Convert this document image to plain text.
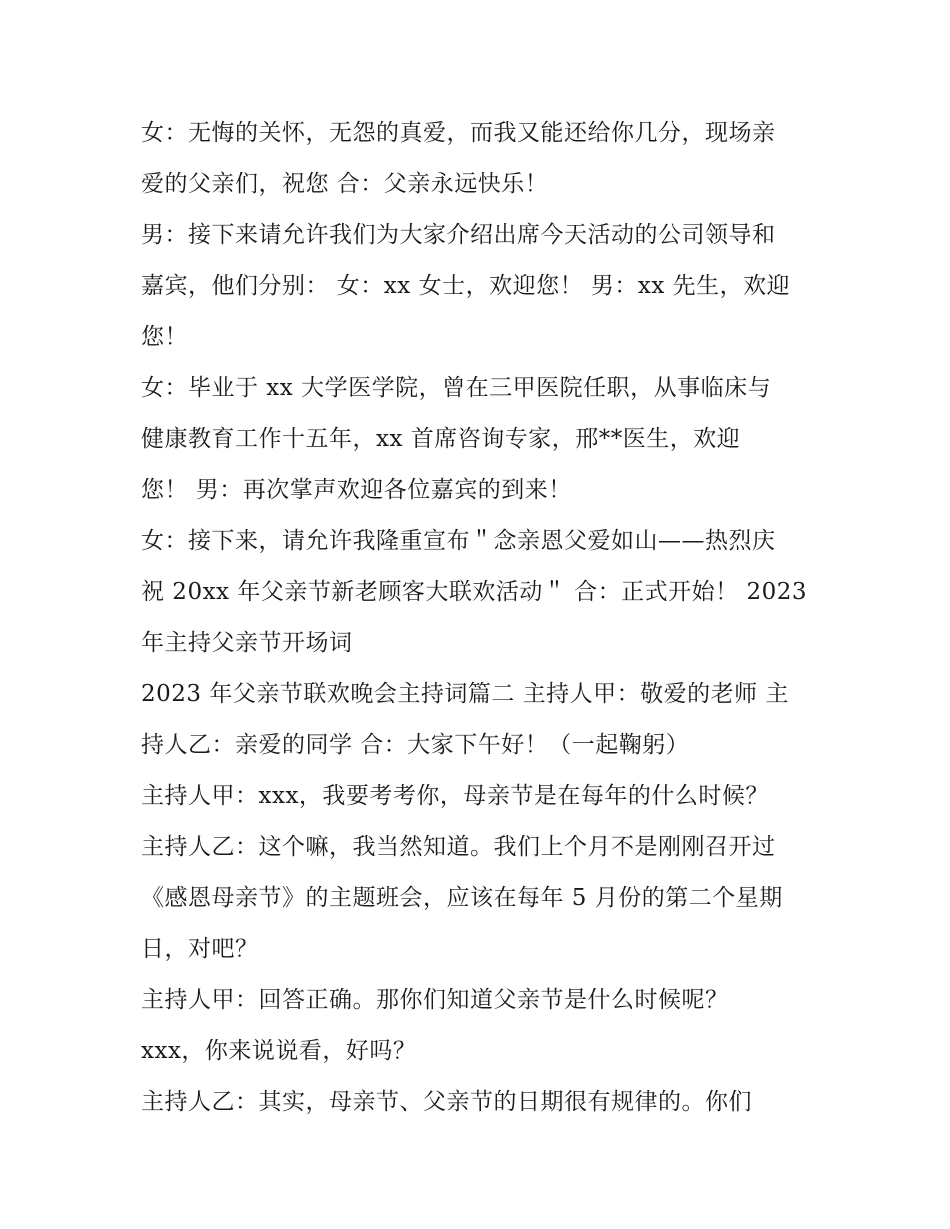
女：无悔的关怀，无怨的真爱，而我又能还给你几分，现场亲
爱的父亲们，祝您 合：父亲永远快乐！
男：接下来请允许我们为大家介绍出席今天活动的公司领导和
嘉宾，他们分别： 女：xx 女士，欢迎您！ 男：xx 先生，欢迎
您！
女：毕业于 xx 大学医学院，曾在三甲医院任职，从事临床与
健康教育工作十五年，xx 首席咨询专家，邢**医生，欢迎
您！ 男：再次掌声欢迎各位嘉宾的到来！
女：接下来，请允许我隆重宣布＂念亲恩父爱如山——热烈庆
祝 20xx 年父亲节新老顾客大联欢活动＂ 合：正式开始！ 2023
年主持父亲节开场词
2023 年父亲节联欢晚会主持词篇二 主持人甲：敬爱的老师 主
持人乙：亲爱的同学 合：大家下午好！（一起鞠躬）
主持人甲：xxx，我要考考你，母亲节是在每年的什么时候？
主持人乙：这个嘛，我当然知道。我们上个月不是刚刚召开过
《感恩母亲节》的主题班会，应该在每年 5 月份的第二个星期
日，对吧？
主持人甲：回答正确。那你们知道父亲节是什么时候呢？
xxx，你来说说看，好吗？
主持人乙：其实，母亲节、父亲节的日期很有规律的。你们
